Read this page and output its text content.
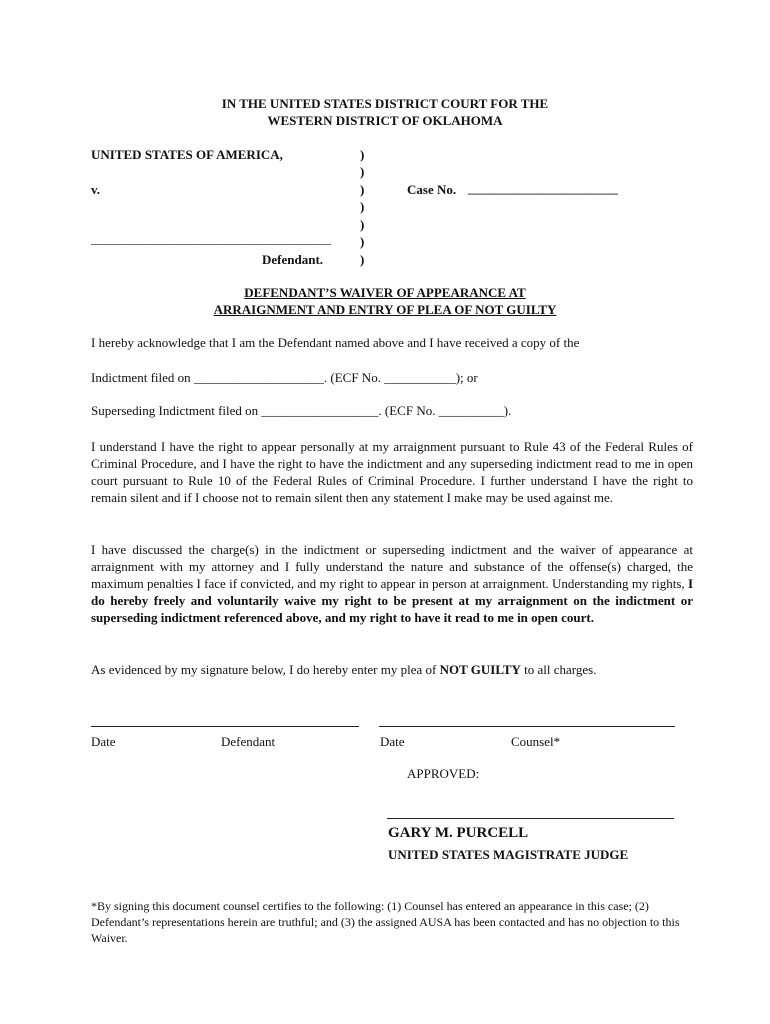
IN THE UNITED STATES DISTRICT COURT FOR THE
WESTERN DISTRICT OF OKLAHOMA
UNITED STATES OF AMERICA,
v.
________________________________________
Defendant.
)
)
)
)
)
)
)
Case No. _________________________
DEFENDANT’S WAIVER OF APPEARANCE AT
ARRAIGNMENT AND ENTRY OF PLEA OF NOT GUILTY
I hereby acknowledge that I am the Defendant named above and I have received a copy of the
Indictment filed on ____________________. (ECF No. ___________); or
Superseding Indictment filed on __________________. (ECF No. __________).
I understand I have the right to appear personally at my arraignment pursuant to Rule 43 of the Federal Rules of Criminal Procedure, and I have the right to have the indictment and any superseding indictment read to me in open court pursuant to Rule 10 of the Federal Rules of Criminal Procedure. I further understand I have the right to remain silent and if I choose not to remain silent then any statement I make may be used against me.
I have discussed the charge(s) in the indictment or superseding indictment and the waiver of appearance at arraignment with my attorney and I fully understand the nature and substance of the offense(s) charged, the maximum penalties I face if convicted, and my right to appear in person at arraignment. Understanding my rights, I do hereby freely and voluntarily waive my right to be present at my arraignment on the indictment or superseding indictment referenced above, and my right to have it read to me in open court.
As evidenced by my signature below, I do hereby enter my plea of NOT GUILTY to all charges.
Date	Defendant	Date	Counsel*
APPROVED:
GARY M. PURCELL
UNITED STATES MAGISTRATE JUDGE
*By signing this document counsel certifies to the following: (1) Counsel has entered an appearance in this case; (2) Defendant’s representations herein are truthful; and (3) the assigned AUSA has been contacted and has no objection to this Waiver.
